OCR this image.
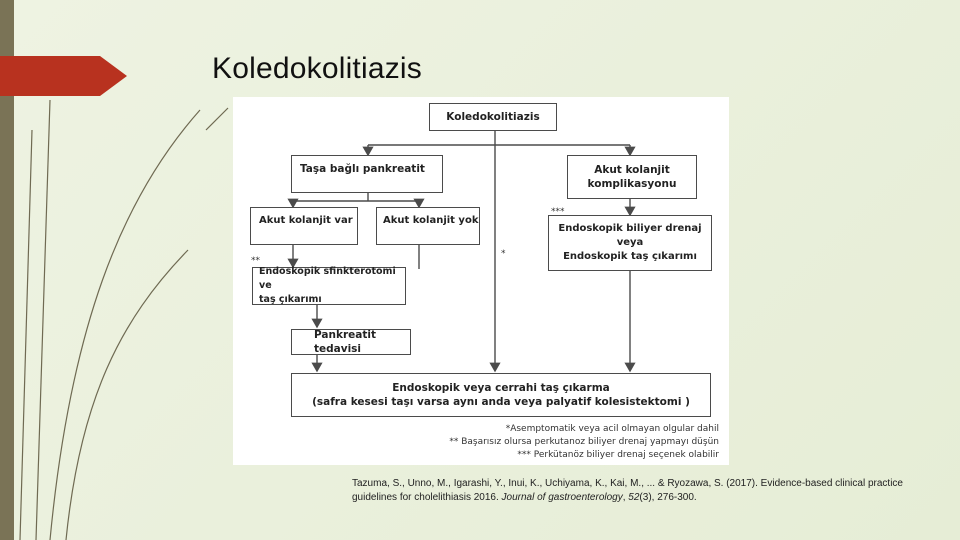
Koledokolitiazis
Koledokolitiazis
Taşa bağlı pankreatit	Akut kolanjit
komplikasyonu
Akut kolanjit var	Akut kolanjit yok
Endoskopik biliyer drenaj
veya
Endoskopik taş çıkarımı
Endoskopik sfinkterotomi ve
taş çıkarımı
Pankreatit tedavisi
Endoskopik veya cerrahi taş çıkarma
(safra kesesi taşı varsa aynı anda veya palyatif kolesistektomi )
*
**
***
*Asemptomatik veya acil olmayan olgular dahil
** Başarısız olursa perkutanoz biliyer drenaj yapmayı düşün
*** Perkütanöz biliyer drenaj seçenek olabilir
Tazuma, S., Unno, M., Igarashi, Y., Inui, K., Uchiyama, K., Kai, M., ... & Ryozawa, S. (2017). Evidence-based clinical practice guidelines for cholelithiasis 2016. Journal of gastroenterology, 52(3), 276-300.
